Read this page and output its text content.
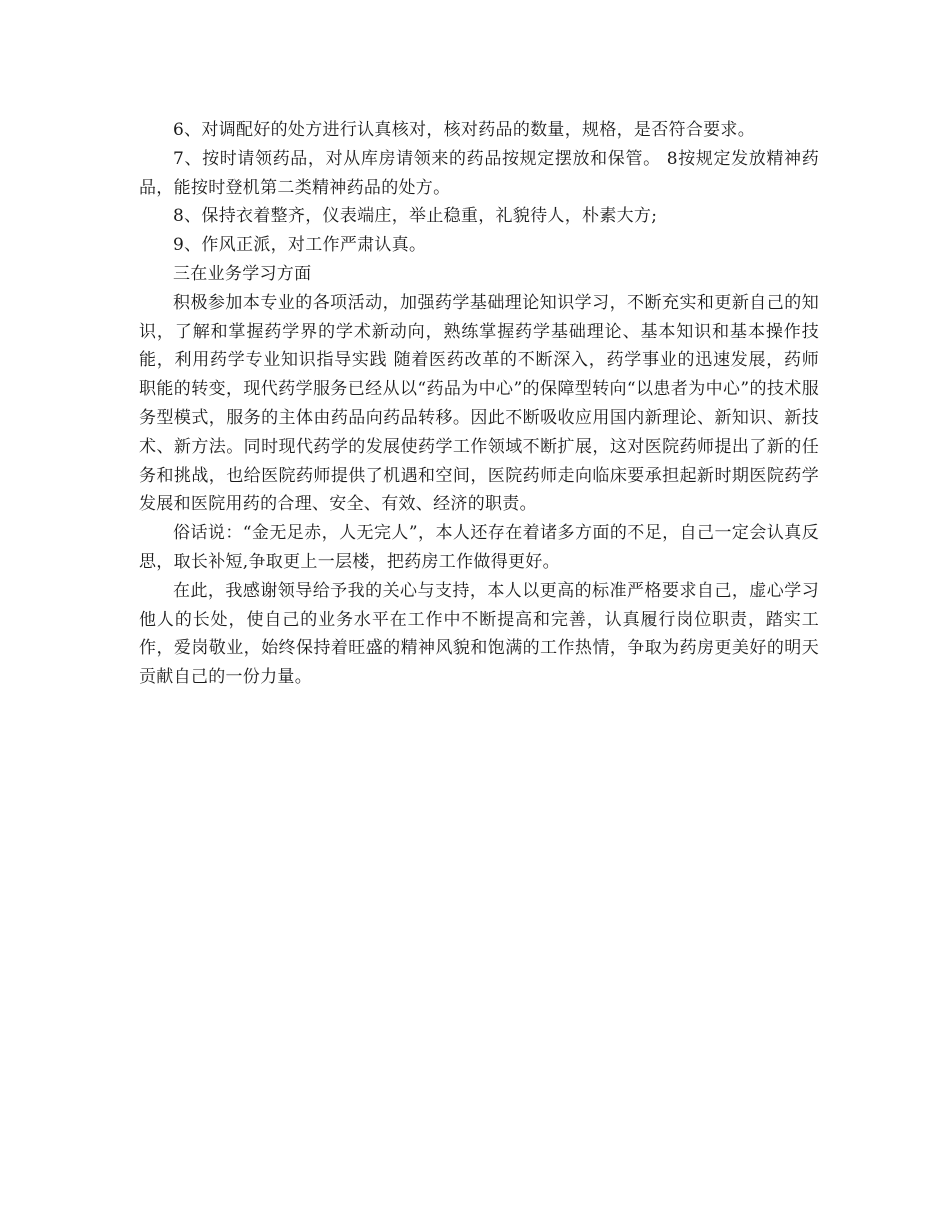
6、对调配好的处方进行认真核对，核对药品的数量，规格，是否符合要求。

7、按时请领药品，对从库房请领来的药品按规定摆放和保管。 8按规定发放精神药品，能按时登机第二类精神药品的处方。

8、保持衣着整齐，仪表端庄，举止稳重，礼貌待人，朴素大方;

9、作风正派，对工作严肃认真。

三在业务学习方面

积极参加本专业的各项活动，加强药学基础理论知识学习，不断充实和更新自己的知识，了解和掌握药学界的学术新动向，熟练掌握药学基础理论、基本知识和基本操作技能，利用药学专业知识指导实践 随着医药改革的不断深入，药学事业的迅速发展，药师职能的转变，现代药学服务已经从以“药品为中心”的保障型转向“以患者为中心”的技术服务型模式，服务的主体由药品向药品转移。因此不断吸收应用国内新理论、新知识、新技术、新方法。同时现代药学的发展使药学工作领域不断扩展，这对医院药师提出了新的任务和挑战，也给医院药师提供了机遇和空间，医院药师走向临床要承担起新时期医院药学发展和医院用药的合理、安全、有效、经济的职责。

俗话说：“金无足赤，人无完人”，本人还存在着诸多方面的不足，自己一定会认真反思，取长补短,争取更上一层楼，把药房工作做得更好。

在此，我感谢领导给予我的关心与支持，本人以更高的标准严格要求自己，虚心学习他人的长处，使自己的业务水平在工作中不断提高和完善，认真履行岗位职责，踏实工作，爱岗敬业，始终保持着旺盛的精神风貌和饱满的工作热情，争取为药房更美好的明天贡献自己的一份力量。
